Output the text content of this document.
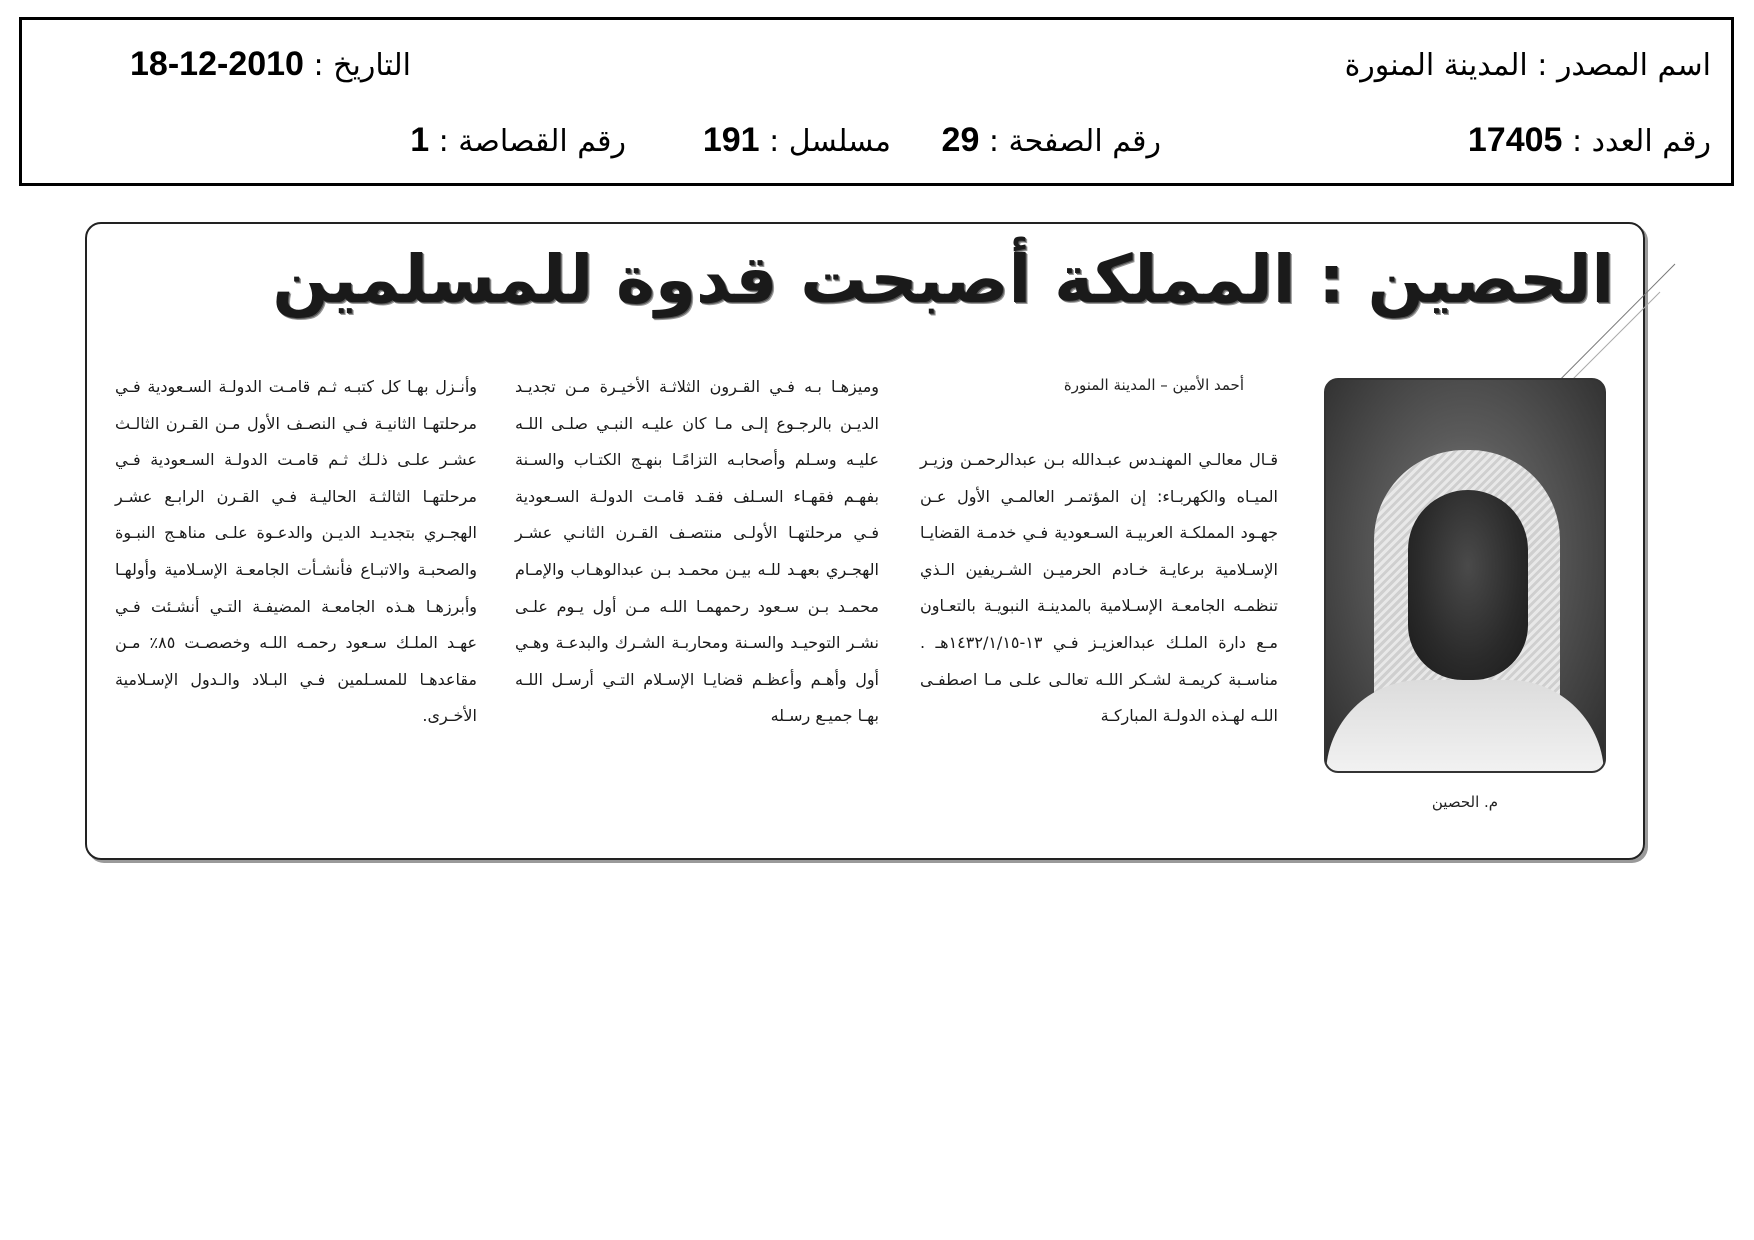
اسم المصدر : المدينة المنورة
التاريخ : 2010-12-18
رقم العدد : 17405
رقم الصفحة : 29
مسلسل : 191
رقم القصاصة : 1
الحصين : المملكة أصبحت قدوة للمسلمين
م. الحصين
أحمد الأمين – المدينة المنورة

قـال معالـي المهنـدس عبـدالله بـن عبدالرحمـن وزيـر الميـاه والكهربـاء: إن المؤتمـر العالمـي الأول عـن جهـود المملكـة العربيـة السـعودية فـي خدمـة القضايـا الإسـلامية برعايـة خـادم الحرميـن الشـريفين الـذي تنظمـه الجامعـة الإسـلامية بالمدينـة النبويـة بالتعـاون مـع دارة الملـك عبدالعزيـز فـي ١٣-١٤٣٢/١/١٥هـ . مناسـبة كريمـة لشـكر اللـه تعالـى علـى مـا اصطفـى اللـه لهـذه الدولـة المباركـة

وميزهـا بـه فـي القـرون الثلاثـة الأخيـرة مـن تجديـد الديـن بالرجـوع إلـى مـا كان عليـه النبـي صلـى اللـه عليـه وسـلم وأصحابـه التزامًـا بنهـج الكتـاب والسـنة بفهـم فقهـاء السـلف فقـد قامـت الدولـة السـعودية فـي مرحلتهـا الأولـى منتصـف القـرن الثانـي عشـر الهجـري بعهـد للـه بيـن محمـد بـن عبدالوهـاب والإمـام محمـد بـن سـعود رحمهمـا اللـه مـن أول يـوم علـى نشـر التوحيـد والسـنة ومحاربـة الشـرك والبدعـة وهـي أول وأهـم وأعظـم قضايـا الإسـلام التـي أرسـل اللـه بهـا جميـع رسـله

وأنـزل بهـا كل كتبـه ثـم قامـت الدولـة السـعودية فـي مرحلتهـا الثانيـة فـي النصـف الأول مـن القـرن الثالـث عشـر علـى ذلـك ثـم قامـت الدولـة السـعودية فـي مرحلتهـا الثالثـة الحاليـة فـي القـرن الرابـع عشـر الهجـري بتجديـد الديـن والدعـوة علـى مناهـج النبـوة والصحبـة والاتبـاع فأنشـأت الجامعـة الإسـلامية وأولهـا وأبرزهـا هـذه الجامعـة المضيفـة التـي أنشـئت فـي عهـد الملـك سـعود رحمـه اللـه وخصصـت ٨٥٪ مـن مقاعدهـا للمسـلمين فـي البـلاد والـدول الإسـلامية الأخـرى.
